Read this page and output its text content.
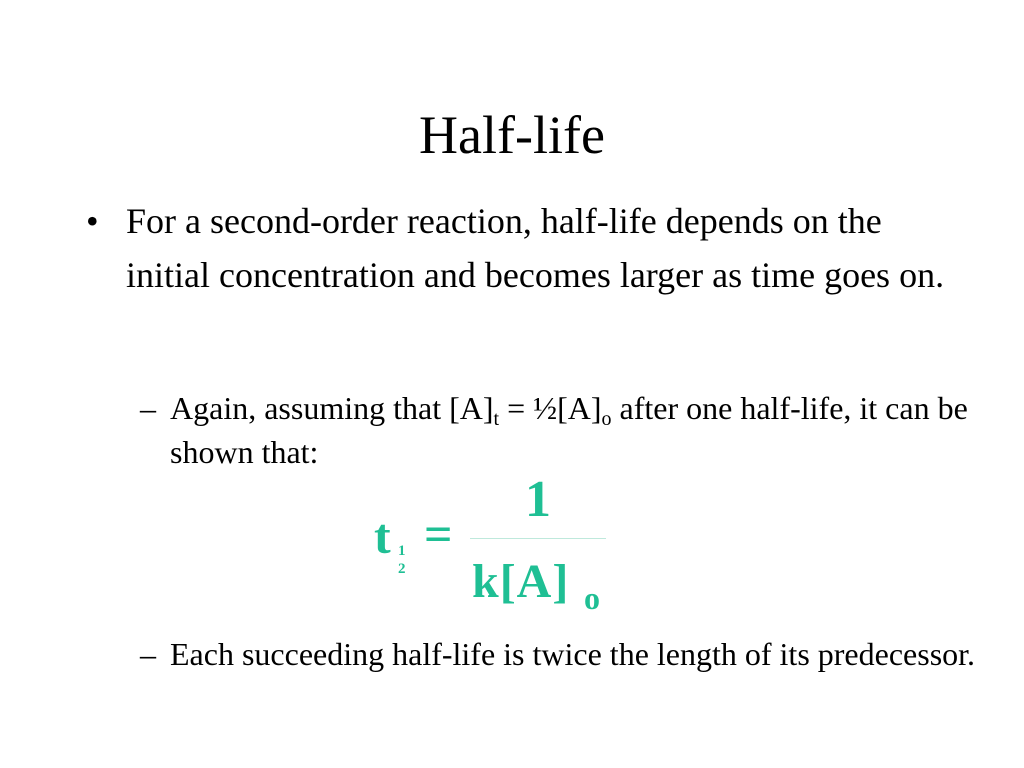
Half-life
• For a second-order reaction, half-life depends on the initial concentration and becomes larger as time goes on.
– Again, assuming that $[A]_t$ = $\frac{1}{2}[A]_o$ after one half-life, it can be shown that:
t 1
2
=
1
k[A] o
– Each succeeding half-life is twice the length of its predecessor.
